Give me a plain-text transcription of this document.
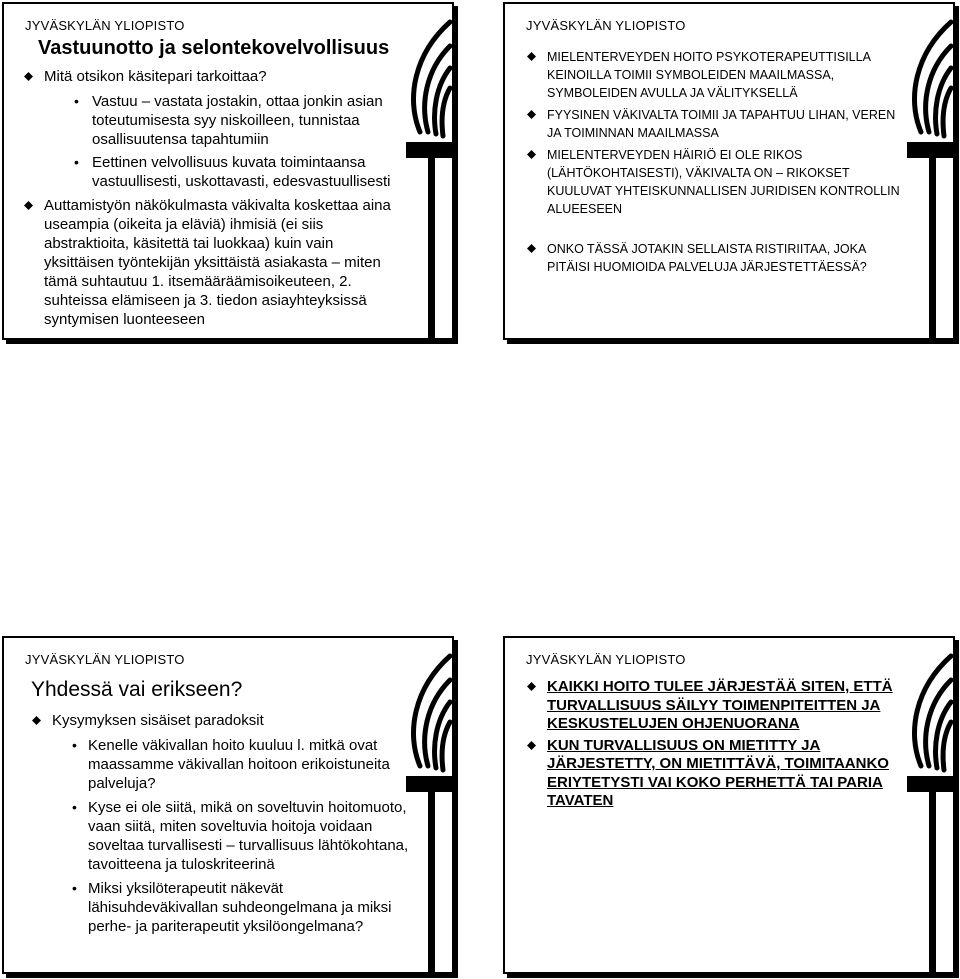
JYVÄSKYLÄN YLIOPISTO
Vastuunotto ja selontekovelvollisuus
Mitä otsikon käsitepari tarkoittaa?
• Vastuu – vastata jostakin, ottaa jonkin asian toteutumisesta syy niskoilleen, tunnistaa osallisuutensa tapahtumiin
• Eettinen velvollisuus kuvata toimintaansa vastuullisesti, uskottavasti, edesvastuullisesti
Auttamistyön näkökulmasta väkivalta koskettaa aina useampia (oikeita ja eläviä) ihmisiä (ei siis abstraktioita, käsitettä tai luokkaa) kuin vain yksittäisen työntekijän yksittäistä asiakasta – miten tämä suhtautuu 1. itsemääräämisoikeuteen, 2. suhteissa elämiseen ja 3. tiedon asiayhteyksissä syntymisen luonteeseen
JYVÄSKYLÄN YLIOPISTO
MIELENTERVEYDEN HOITO PSYKOTERAPEUTTISILLA KEINOILLA TOIMII SYMBOLEIDEN MAAILMASSA, SYMBOLEIDEN AVULLA JA VÄLITYKSELLÄ
FYYSINEN VÄKIVALTA TOIMII JA TAPAHTUU LIHAN, VEREN JA TOIMINNAN MAAILMASSA
MIELENTERVEYDEN HÄIRIÖ EI OLE RIKOS (LÄHTÖKOHTAISESTI), VÄKIVALTA ON – RIKOKSET KUULUVAT YHTEISKUNNALLISEN JURIDISEN KONTROLLIN ALUEESEEN
ONKO TÄSSÄ JOTAKIN SELLAISTA RISTIRIITAA, JOKA PITÄISI HUOMIOIDA PALVELUJA JÄRJESTETTÄESSÄ?
JYVÄSKYLÄN YLIOPISTO
Yhdessä vai erikseen?
Kysymyksen sisäiset paradoksit
• Kenelle väkivallan hoito kuuluu l. mitkä ovat maassamme väkivallan hoitoon erikoistuneita palveluja?
• Kyse ei ole siitä, mikä on soveltuvin hoitomuoto, vaan siitä, miten soveltuvia hoitoja voidaan soveltaa turvallisesti – turvallisuus lähtökohtana, tavoitteena ja tuloskriteerinä
• Miksi yksilöterapeutit näkevät lähisuhdeväkivallan suhdeongelmana ja miksi perhe- ja pariterapeutit yksilöongelmana?
JYVÄSKYLÄN YLIOPISTO
KAIKKI HOITO TULEE JÄRJESTÄÄ SITEN, ETTÄ TURVALLISUUS SÄILYY TOIMENPITEITTEN JA KESKUSTELUJEN OHJENUORANA
KUN TURVALLISUUS ON MIETITTY JA JÄRJESTETTY, ON MIETITTÄVÄ, TOIMITAANKO ERIYTETYSTI VAI KOKO PERHETTÄ TAI PARIA TAVATEN
